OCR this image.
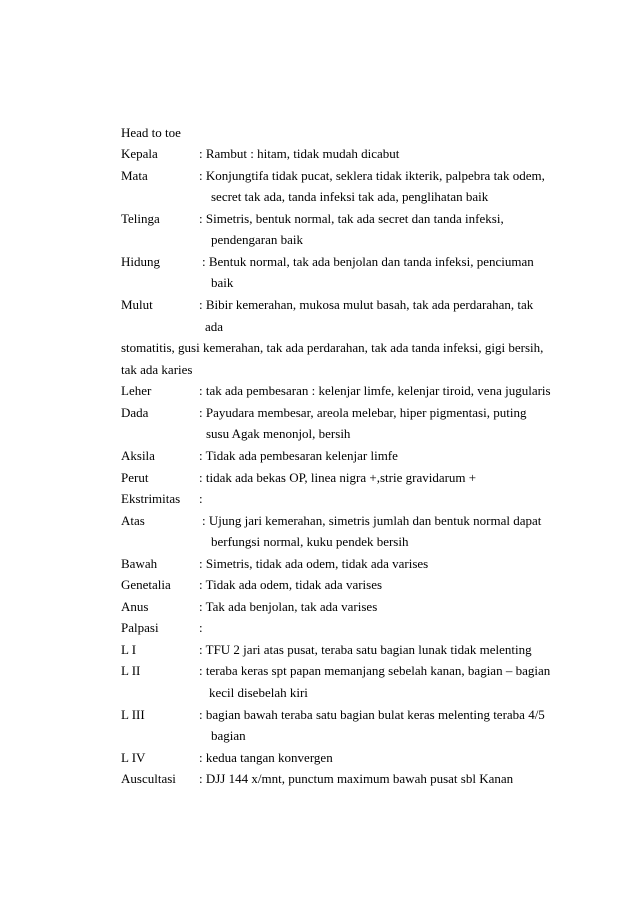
Head to toe
Kepala	: Rambut : hitam, tidak mudah dicabut
Mata	: Konjungtifa tidak pucat, seklera tidak ikterik, palpebra tak odem,
secret tak ada, tanda infeksi tak ada, penglihatan baik
Telinga	: Simetris, bentuk normal, tak ada secret dan tanda infeksi,
pendengaran baik
Hidung	: Bentuk normal, tak ada benjolan dan tanda infeksi, penciuman
baik
Mulut	: Bibir kemerahan, mukosa mulut basah, tak ada perdarahan, tak
ada
stomatitis, gusi kemerahan, tak ada perdarahan, tak ada tanda infeksi, gigi bersih,
tak ada karies
Leher	: tak ada pembesaran : kelenjar limfe, kelenjar tiroid, vena jugularis
Dada	: Payudara membesar, areola melebar, hiper pigmentasi, puting
susu Agak menonjol, bersih
Aksila	: Tidak ada pembesaran kelenjar limfe
Perut	: tidak ada bekas OP, linea nigra +,strie gravidarum +
Ekstrimitas :
Atas	: Ujung jari kemerahan, simetris jumlah dan bentuk normal dapat
berfungsi normal, kuku pendek bersih
Bawah	: Simetris, tidak ada odem, tidak ada varises
Genetalia : Tidak ada odem, tidak ada varises
Anus	: Tak ada benjolan, tak ada varises
Palpasi	:
L I	: TFU 2 jari atas pusat, teraba satu bagian lunak tidak melenting
L II	: teraba keras spt papan memanjang sebelah kanan, bagian – bagian
kecil disebelah kiri
L III	: bagian bawah teraba satu bagian bulat keras melenting teraba 4/5
bagian
L IV	: kedua tangan konvergen
Auscultasi : DJJ 144 x/mnt, punctum maximum bawah pusat sbl Kanan
